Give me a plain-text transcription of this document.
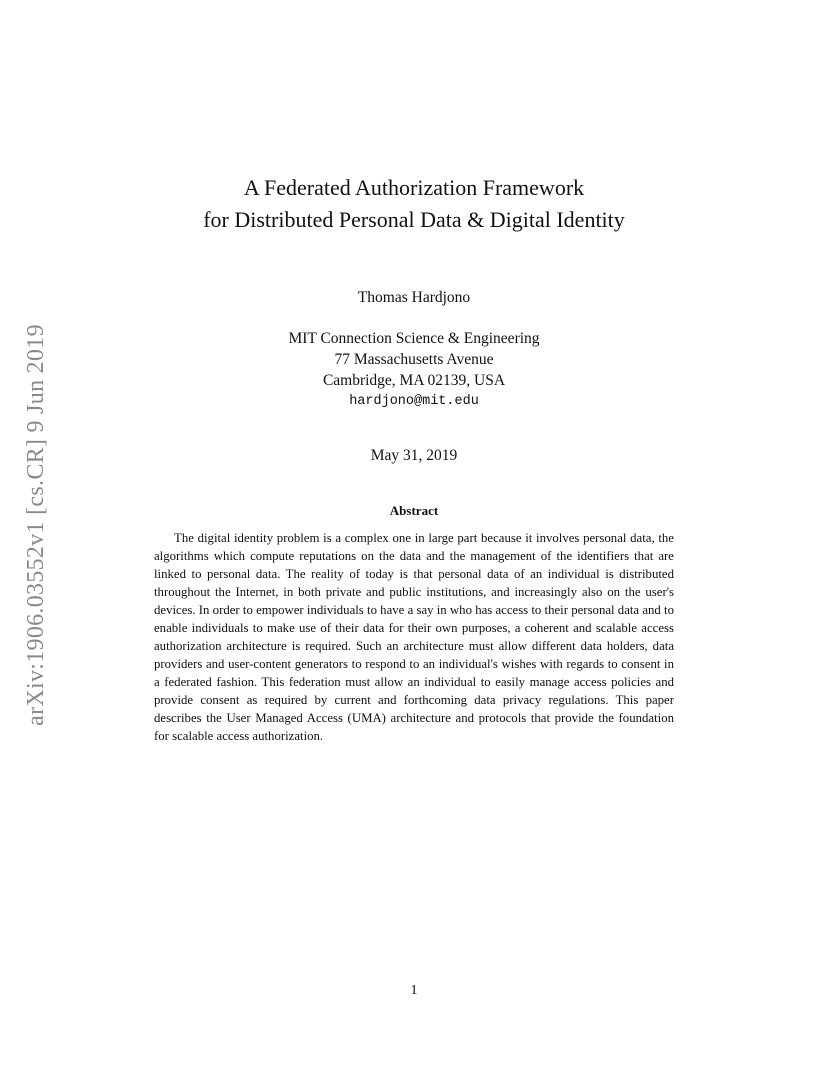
arXiv:1906.03552v1 [cs.CR] 9 Jun 2019
A Federated Authorization Framework
for Distributed Personal Data & Digital Identity
Thomas Hardjono
MIT Connection Science & Engineering
77 Massachusetts Avenue
Cambridge, MA 02139, USA
hardjono@mit.edu
May 31, 2019
Abstract
The digital identity problem is a complex one in large part because it involves personal data, the algorithms which compute reputations on the data and the management of the identifiers that are linked to personal data. The reality of today is that personal data of an individual is distributed throughout the Internet, in both private and public institutions, and increasingly also on the user's devices. In order to empower individuals to have a say in who has access to their personal data and to enable individuals to make use of their data for their own purposes, a coherent and scalable access authorization architecture is required. Such an architecture must allow different data holders, data providers and user-content generators to respond to an individual's wishes with regards to consent in a federated fashion. This federation must allow an individual to easily manage access policies and provide consent as required by current and forthcoming data privacy regulations. This paper describes the User Managed Access (UMA) architecture and protocols that provide the foundation for scalable access authorization.
1
